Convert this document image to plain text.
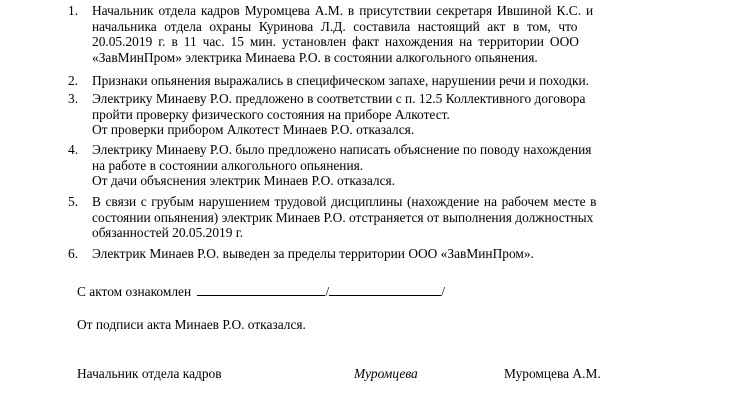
1. Начальник отдела кадров Муромцева А.М. в присутствии секретаря Ившиной К.С. и
начальника отдела охраны Куринова Л.Д. составила настоящий акт в том, что
20.05.2019 г. в 11 час. 15 мин. установлен факт нахождения на территории ООО
«ЗавМинПром» электрика Минаева Р.О. в состоянии алкогольного опьянения.
2. Признаки опьянения выражались в специфическом запахе, нарушении речи и походки.
3. Электрику Минаеву Р.О. предложено в соответствии с п. 12.5 Коллективного договора
пройти проверку физического состояния на приборе Алкотест.
От проверки прибором Алкотест Минаев Р.О. отказался.
4. Электрику Минаеву Р.О. было предложено написать объяснение по поводу нахождения
на работе в состоянии алкогольного опьянения.
От дачи объяснения электрик Минаев Р.О. отказался.
5. В связи с грубым нарушением трудовой дисциплины (нахождение на рабочем месте в
состоянии опьянения) электрик Минаев Р.О. отстраняется от выполнения должностных
обязанностей 20.05.2019 г.
6. Электрик Минаев Р.О. выведен за пределы территории ООО «ЗавМинПром».
С актом ознакомлен	/	/
От подписи акта Минаев Р.О. отказался.
Начальник отдела кадров	Муромцева	Муромцева А.М.
